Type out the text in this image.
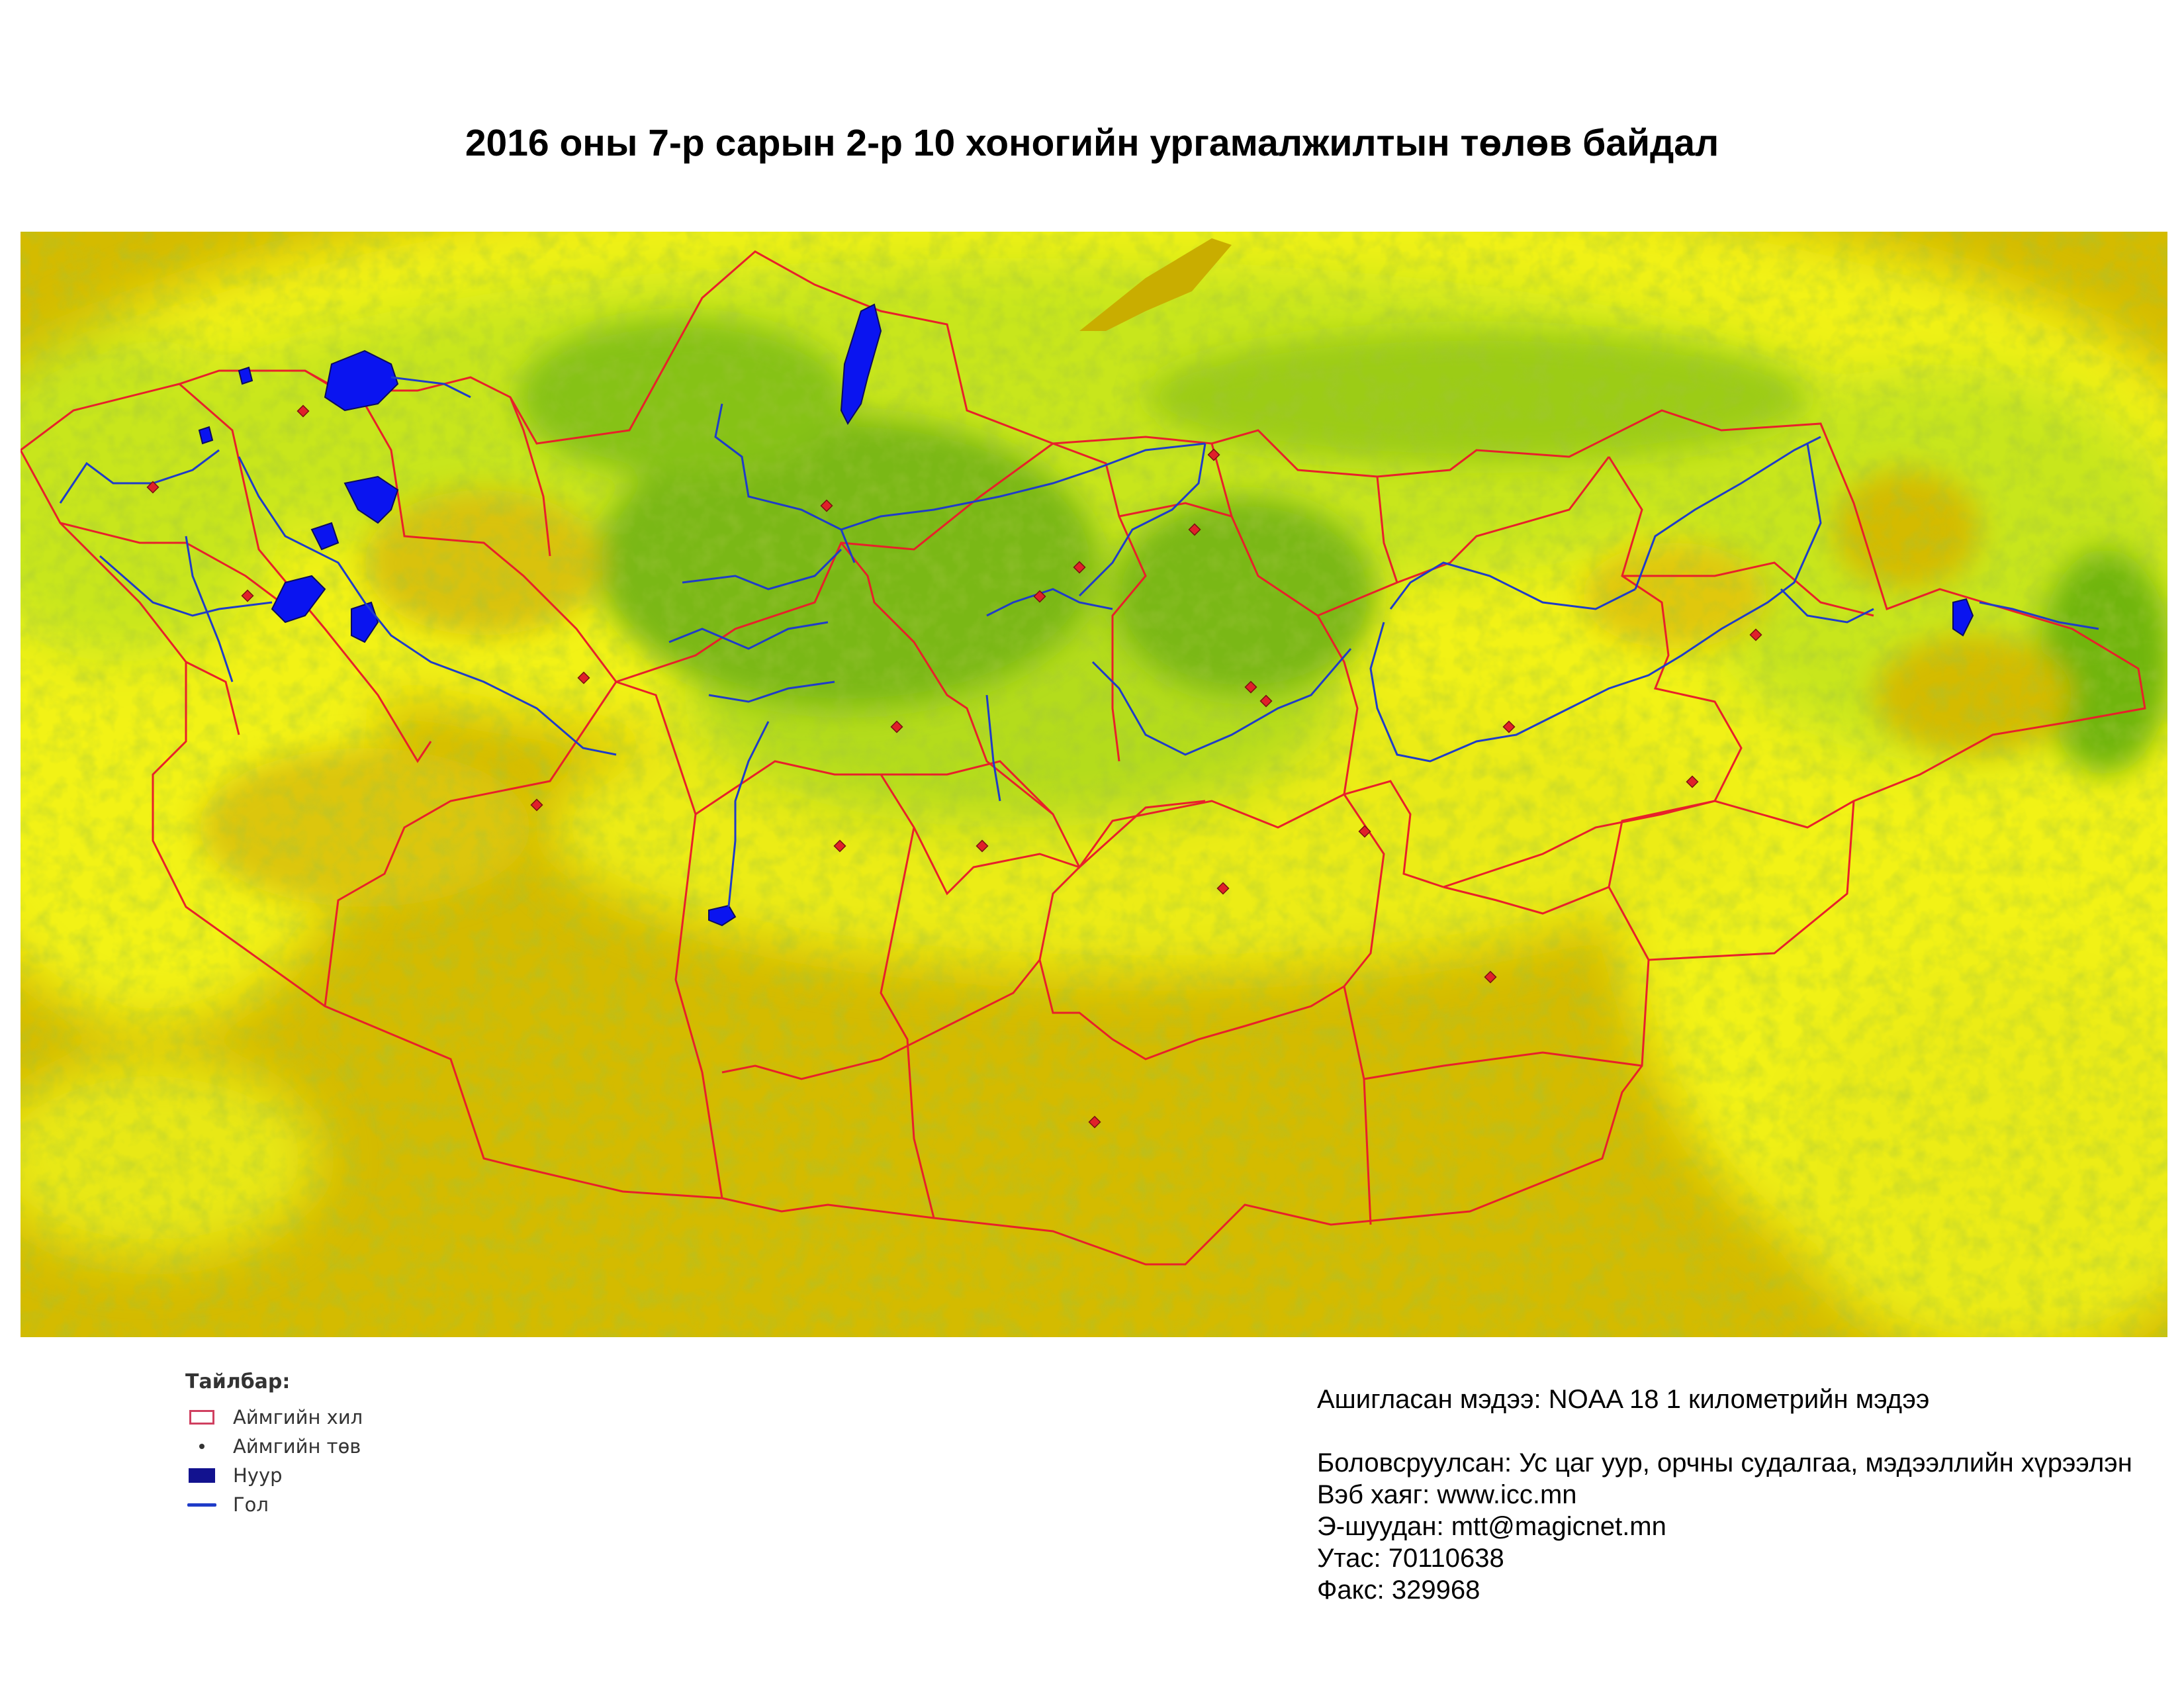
2016 оны 7-р сарын 2-р 10 хоногийн ургамалжилтын төлөв байдал
Тайлбар:
Аймгийн хил
Аймгийн төв
Нуур
Гол
Ашигласан мэдээ: NOAA 18 1 километрийн мэдээ
Боловсруулсан: Ус цаг уур, орчны судалгаа, мэдээллийн хүрээлэн
Вэб хаяг: www.icc.mn
Э-шуудан: mtt@magicnet.mn
Утас: 70110638
Факс: 329968
